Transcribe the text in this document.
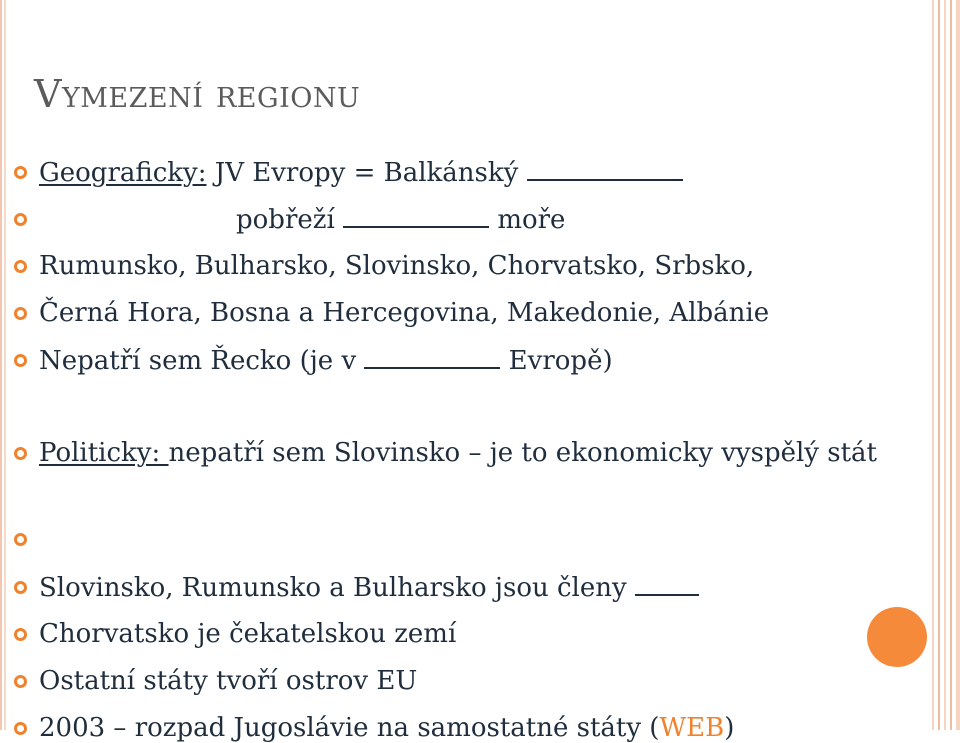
Vymezení regionu
Geograficky: JV Evropy = Balkánský
pobřeží	moře
Rumunsko, Bulharsko, Slovinsko, Chorvatsko, Srbsko,
Černá Hora, Bosna a Hercegovina, Makedonie, Albánie
Nepatří sem Řecko (je v	Evropě)
Politicky: nepatří sem Slovinsko – je to ekonomicky vyspělý stát
Slovinsko, Rumunsko a Bulharsko jsou členy
Chorvatsko je čekatelskou zemí
Ostatní státy tvoří ostrov EU
2003 – rozpad Jugoslávie na samostatné státy (WEB)
